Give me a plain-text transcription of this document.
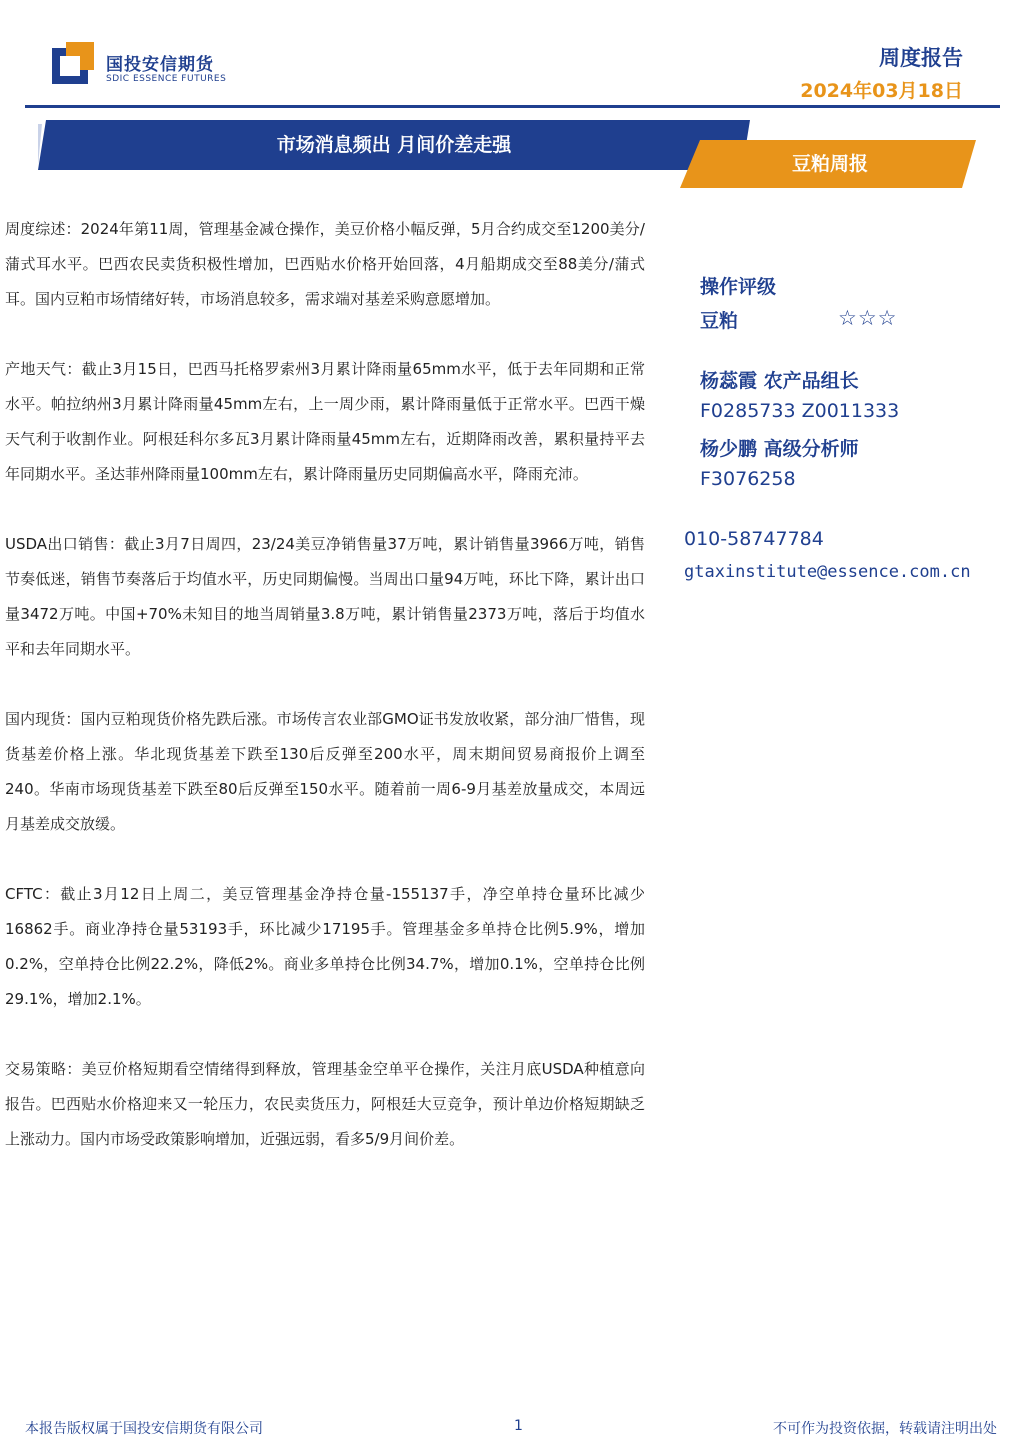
国投安信期货
SDIC ESSENCE FUTURES
周度报告
2024年03月18日
市场消息频出 月间价差走强
豆粕周报

周度综述：2024年第11周，管理基金减仓操作，美豆价格小幅反弹，5月合约成交至1200美分/蒲式耳水平。巴西农民卖货积极性增加，巴西贴水价格开始回落，4月船期成交至88美分/蒲式耳。国内豆粕市场情绪好转，市场消息较多，需求端对基差采购意愿增加。

产地天气：截止3月15日，巴西马托格罗索州3月累计降雨量65mm水平，低于去年同期和正常水平。帕拉纳州3月累计降雨量45mm左右，上一周少雨，累计降雨量低于正常水平。巴西干燥天气利于收割作业。阿根廷科尔多瓦3月累计降雨量45mm左右，近期降雨改善，累积量持平去年同期水平。圣达菲州降雨量100mm左右，累计降雨量历史同期偏高水平，降雨充沛。

USDA出口销售：截止3月7日周四，23/24美豆净销售量37万吨，累计销售量3966万吨，销售节奏低迷，销售节奏落后于均值水平，历史同期偏慢。当周出口量94万吨，环比下降，累计出口量3472万吨。中国+70%未知目的地当周销量3.8万吨，累计销售量2373万吨，落后于均值水平和去年同期水平。

国内现货：国内豆粕现货价格先跌后涨。市场传言农业部GMO证书发放收紧，部分油厂惜售，现货基差价格上涨。华北现货基差下跌至130后反弹至200水平，周末期间贸易商报价上调至240。华南市场现货基差下跌至80后反弹至150水平。随着前一周6-9月基差放量成交，本周远月基差成交放缓。

CFTC：截止3月12日上周二，美豆管理基金净持仓量-155137手，净空单持仓量环比减少16862手。商业净持仓量53193手，环比减少17195手。管理基金多单持仓比例5.9%，增加0.2%，空单持仓比例22.2%，降低2%。商业多单持仓比例34.7%，增加0.1%，空单持仓比例29.1%，增加2.1%。

交易策略：美豆价格短期看空情绪得到释放，管理基金空单平仓操作，关注月底USDA种植意向报告。巴西贴水价格迎来又一轮压力，农民卖货压力，阿根廷大豆竞争，预计单边价格短期缺乏上涨动力。国内市场受政策影响增加，近强远弱，看多5/9月间价差。

操作评级
豆粕	☆☆☆
杨蕊霞 农产品组长
F0285733 Z0011333
杨少鹏 高级分析师
F3076258
010-58747784
gtaxinstitute@essence.com.cn
本报告版权属于国投安信期货有限公司	1	不可作为投资依据，转载请注明出处
